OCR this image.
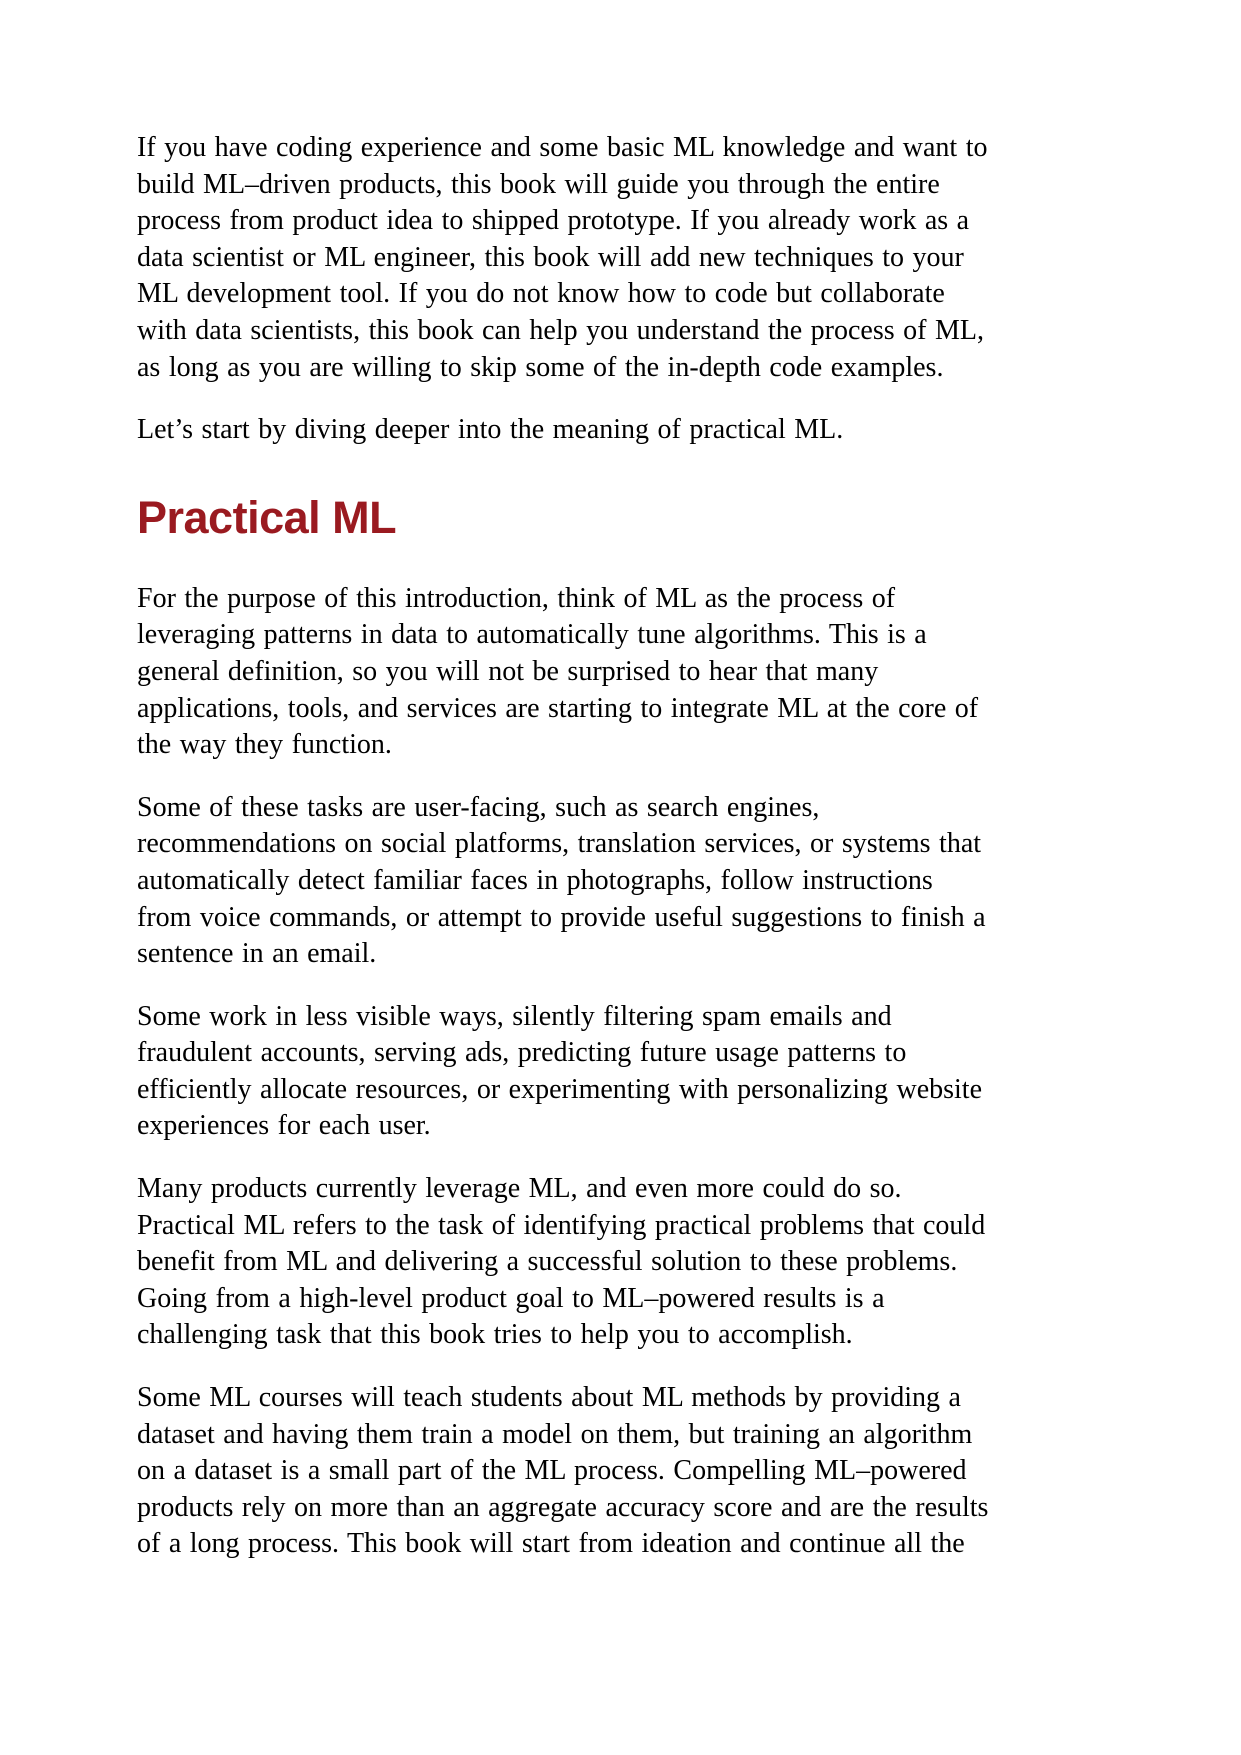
If you have coding experience and some basic ML knowledge and want to
build ML–driven products, this book will guide you through the entire
process from product idea to shipped prototype. If you already work as a
data scientist or ML engineer, this book will add new techniques to your
ML development tool. If you do not know how to code but collaborate
with data scientists, this book can help you understand the process of ML,
as long as you are willing to skip some of the in-depth code examples.

Let’s start by diving deeper into the meaning of practical ML.

Practical ML

For the purpose of this introduction, think of ML as the process of
leveraging patterns in data to automatically tune algorithms. This is a
general definition, so you will not be surprised to hear that many
applications, tools, and services are starting to integrate ML at the core of
the way they function.

Some of these tasks are user-facing, such as search engines,
recommendations on social platforms, translation services, or systems that
automatically detect familiar faces in photographs, follow instructions
from voice commands, or attempt to provide useful suggestions to finish a
sentence in an email.

Some work in less visible ways, silently filtering spam emails and
fraudulent accounts, serving ads, predicting future usage patterns to
efficiently allocate resources, or experimenting with personalizing website
experiences for each user.

Many products currently leverage ML, and even more could do so.
Practical ML refers to the task of identifying practical problems that could
benefit from ML and delivering a successful solution to these problems.
Going from a high-level product goal to ML–powered results is a
challenging task that this book tries to help you to accomplish.

Some ML courses will teach students about ML methods by providing a
dataset and having them train a model on them, but training an algorithm
on a dataset is a small part of the ML process. Compelling ML–powered
products rely on more than an aggregate accuracy score and are the results
of a long process. This book will start from ideation and continue all the
